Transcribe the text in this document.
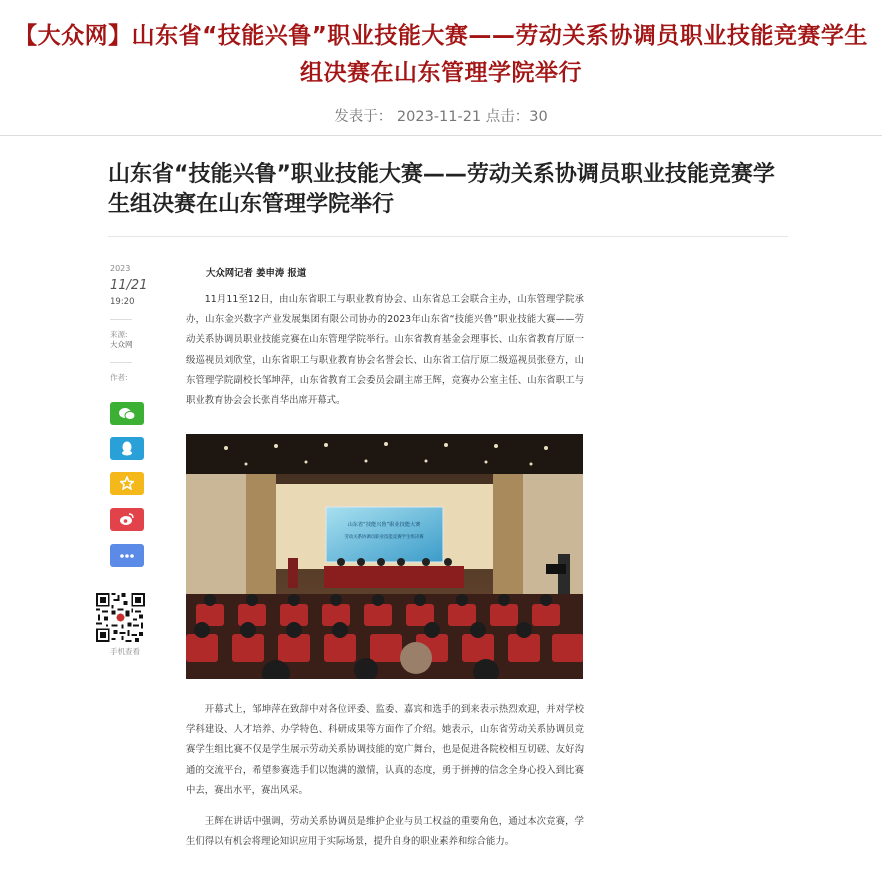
【大众网】山东省“技能兴鲁”职业技能大赛——劳动关系协调员职业技能竞赛学生组决赛在山东管理学院举行
发表于： 2023-11-21 点击：30
山东省“技能兴鲁”职业技能大赛——劳动关系协调员职业技能竞赛学生组决赛在山东管理学院举行
2023
11/21
19:20
来源:
大众网
作者:
手机查看
大众网记者 姜申涛 报道

11月11至12日，由山东省职工与职业教育协会、山东省总工会联合主办，山东管理学院承办，山东金兴数字产业发展集团有限公司协办的2023年山东省“技能兴鲁”职业技能大赛——劳动关系协调员职业技能竞赛在山东管理学院举行。山东省教育基金会理事长、山东省教育厅原一级巡视员刘欣堂，山东省职工与职业教育协会名誉会长、山东省工信厅原二级巡视员张登方，山东管理学院副校长邹坤萍，山东省教育工会委员会副主席王辉，竞赛办公室主任、山东省职工与职业教育协会会长张肖华出席开幕式。

山东省“技能兴鲁”职业技能大赛
劳动关系协调员职业技能竞赛学生组决赛

开幕式上，邹坤萍在致辞中对各位评委、监委、嘉宾和选手的到来表示热烈欢迎，并对学校学科建设、人才培养、办学特色、科研成果等方面作了介绍。她表示，山东省劳动关系协调员竞赛学生组比赛不仅是学生展示劳动关系协调技能的宽广舞台，也是促进各院校相互切磋、友好沟通的交流平台，希望参赛选手们以饱满的激情，认真的态度，勇于拼搏的信念全身心投入到比赛中去，赛出水平，赛出风采。

王辉在讲话中强调，劳动关系协调员是维护企业与员工权益的重要角色，通过本次竞赛，学生们得以有机会将理论知识应用于实际场景，提升自身的职业素养和综合能力。
